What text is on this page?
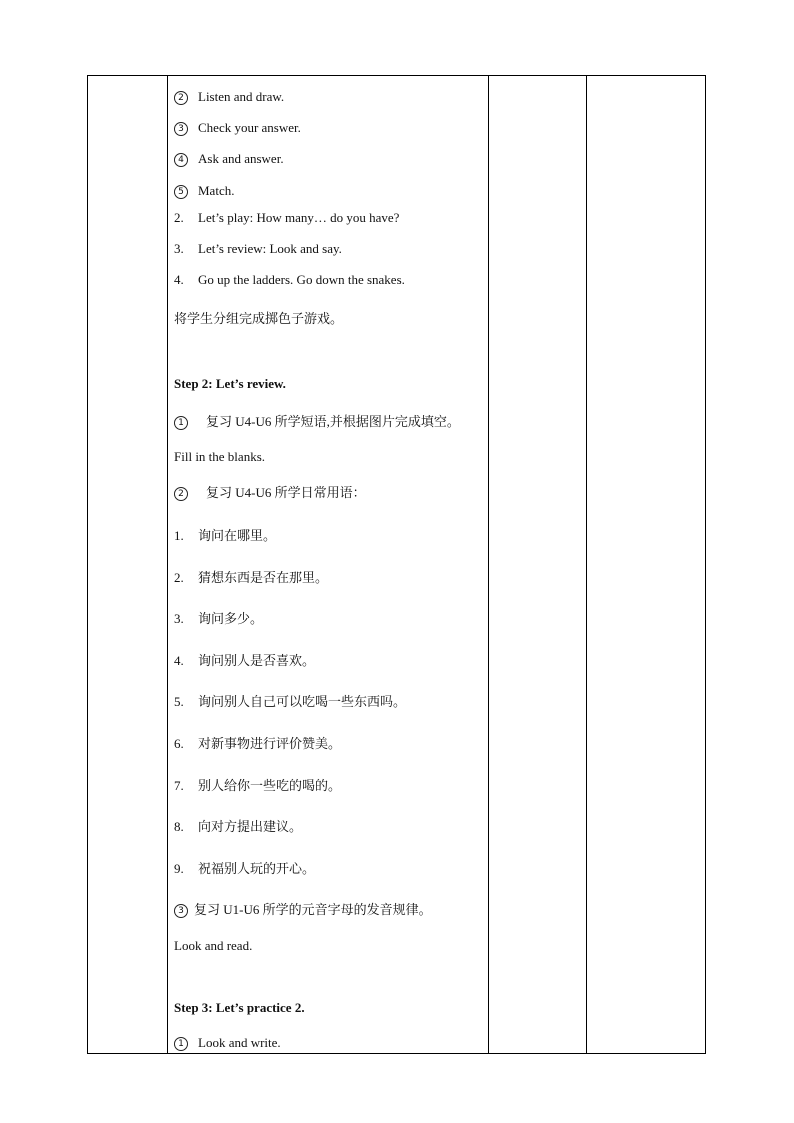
2 Listen and draw.
3 Check your answer.
4 Ask and answer.
5 Match.
2. Let’s play: How many… do you have?
3. Let’s review: Look and say.
4. Go up the ladders. Go down the snakes.
将学生分组完成掷色子游戏。
Step 2: Let’s review.
1 复习 U4-U6 所学短语,并根据图片完成填空。
Fill in the blanks.
2 复习 U4-U6 所学日常用语：
1. 询问在哪里。
2. 猜想东西是否在那里。
3. 询问多少。
4. 询问别人是否喜欢。
5. 询问别人自己可以吃喝一些东西吗。
6. 对新事物进行评价赞美。
7. 别人给你一些吃的喝的。
8. 向对方提出建议。
9. 祝福别人玩的开心。
3 复习 U1-U6 所学的元音字母的发音规律。
Look and read.
Step 3: Let’s practice 2.
1 Look and write.
